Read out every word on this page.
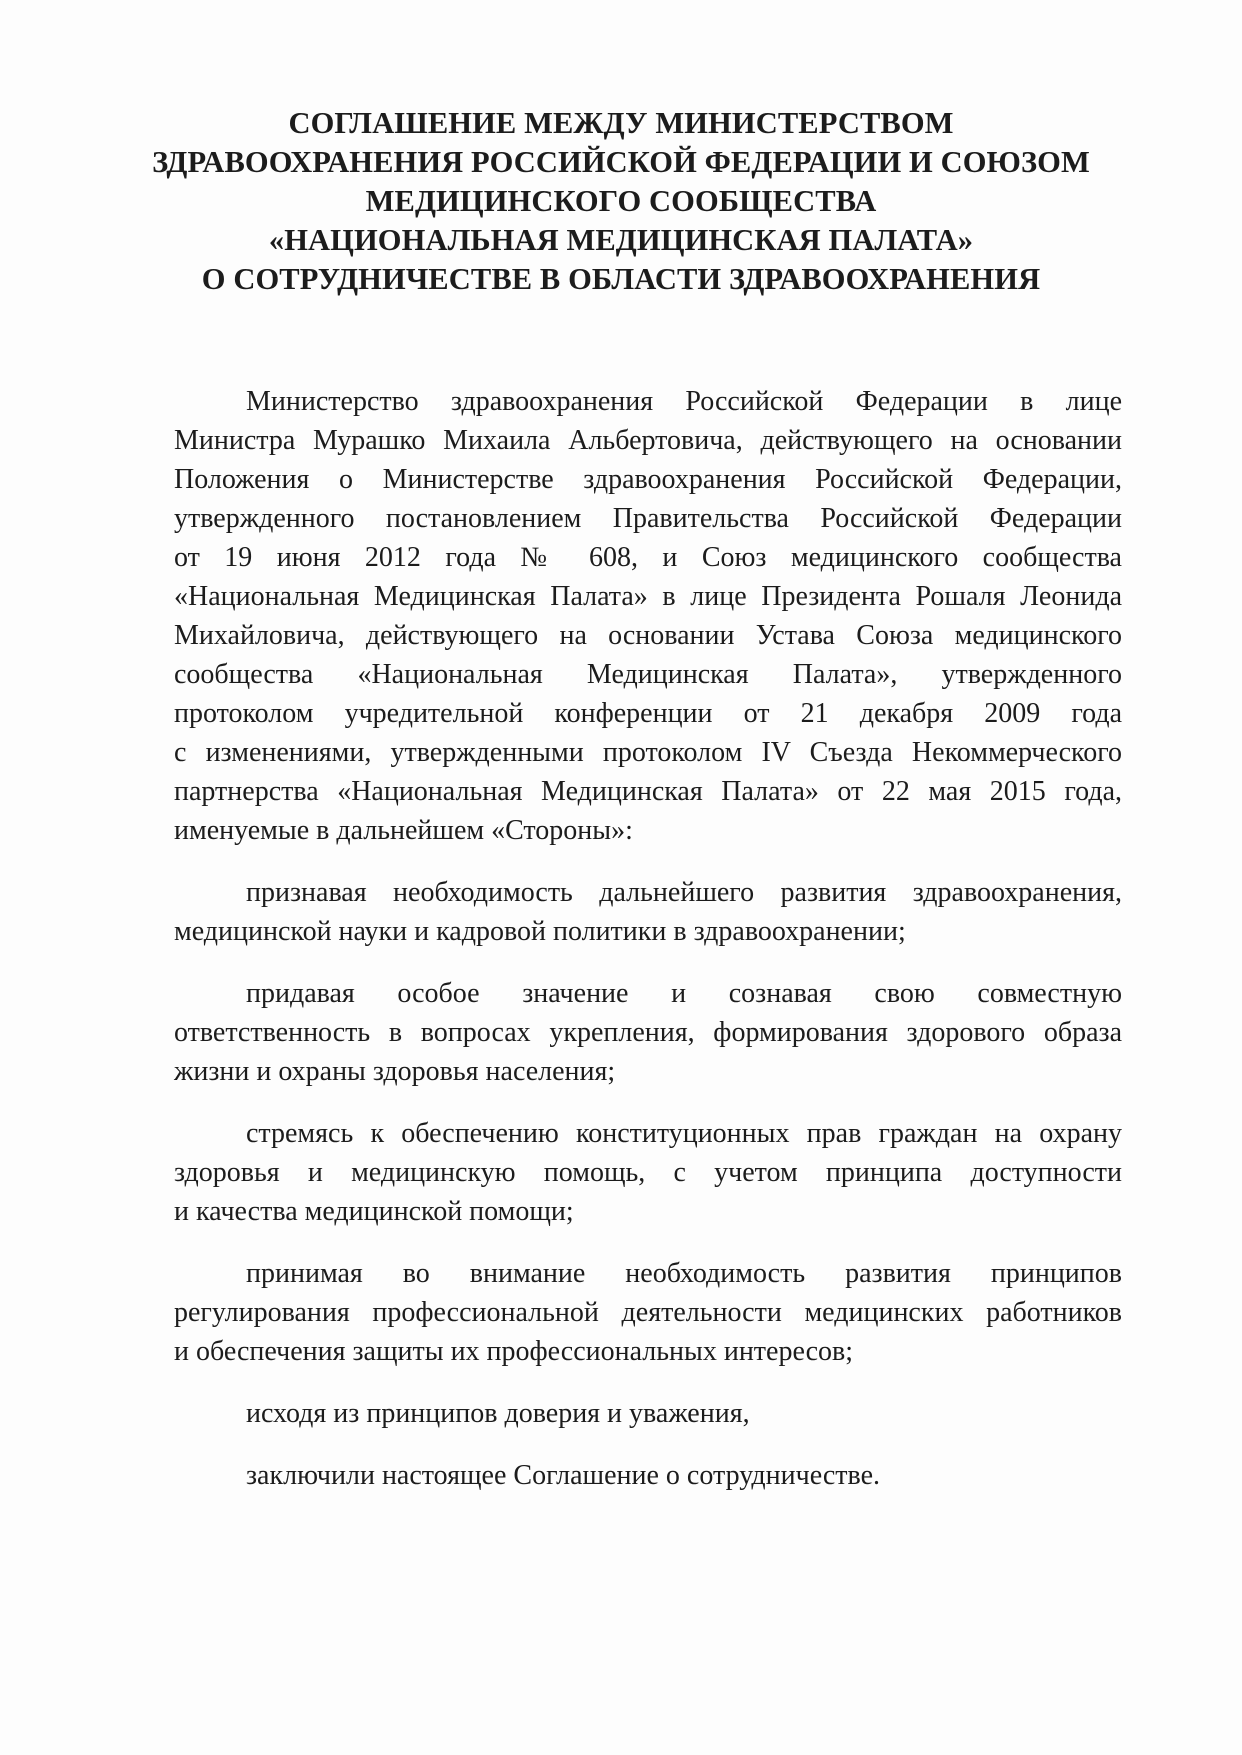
СОГЛАШЕНИЕ МЕЖДУ МИНИСТЕРСТВОМ
ЗДРАВООХРАНЕНИЯ РОССИЙСКОЙ ФЕДЕРАЦИИ И СОЮЗОМ
МЕДИЦИНСКОГО СООБЩЕСТВА
«НАЦИОНАЛЬНАЯ МЕДИЦИНСКАЯ ПАЛАТА»
О СОТРУДНИЧЕСТВЕ В ОБЛАСТИ ЗДРАВООХРАНЕНИЯ
Министерство здравоохранения Российской Федерации в лице
Министра Мурашко Михаила Альбертовича, действующего на основании
Положения о Министерстве здравоохранения Российской Федерации,
утвержденного постановлением Правительства Российской Федерации
от 19 июня 2012 года № 608, и Союз медицинского сообщества
«Национальная Медицинская Палата» в лице Президента Рошаля Леонида
Михайловича, действующего на основании Устава Союза медицинского
сообщества «Национальная Медицинская Палата», утвержденного
протоколом учредительной конференции от 21 декабря 2009 года
с изменениями, утвержденными протоколом IV Съезда Некоммерческого
партнерства «Национальная Медицинская Палата» от 22 мая 2015 года,
именуемые в дальнейшем «Стороны»:
признавая необходимость дальнейшего развития здравоохранения,
медицинской науки и кадровой политики в здравоохранении;
придавая особое значение и сознавая свою совместную
ответственность в вопросах укрепления, формирования здорового образа
жизни и охраны здоровья населения;
стремясь к обеспечению конституционных прав граждан на охрану
здоровья и медицинскую помощь, с учетом принципа доступности
и качества медицинской помощи;
принимая во внимание необходимость развития принципов
регулирования профессиональной деятельности медицинских работников
и обеспечения защиты их профессиональных интересов;
исходя из принципов доверия и уважения,
заключили настоящее Соглашение о сотрудничестве.
